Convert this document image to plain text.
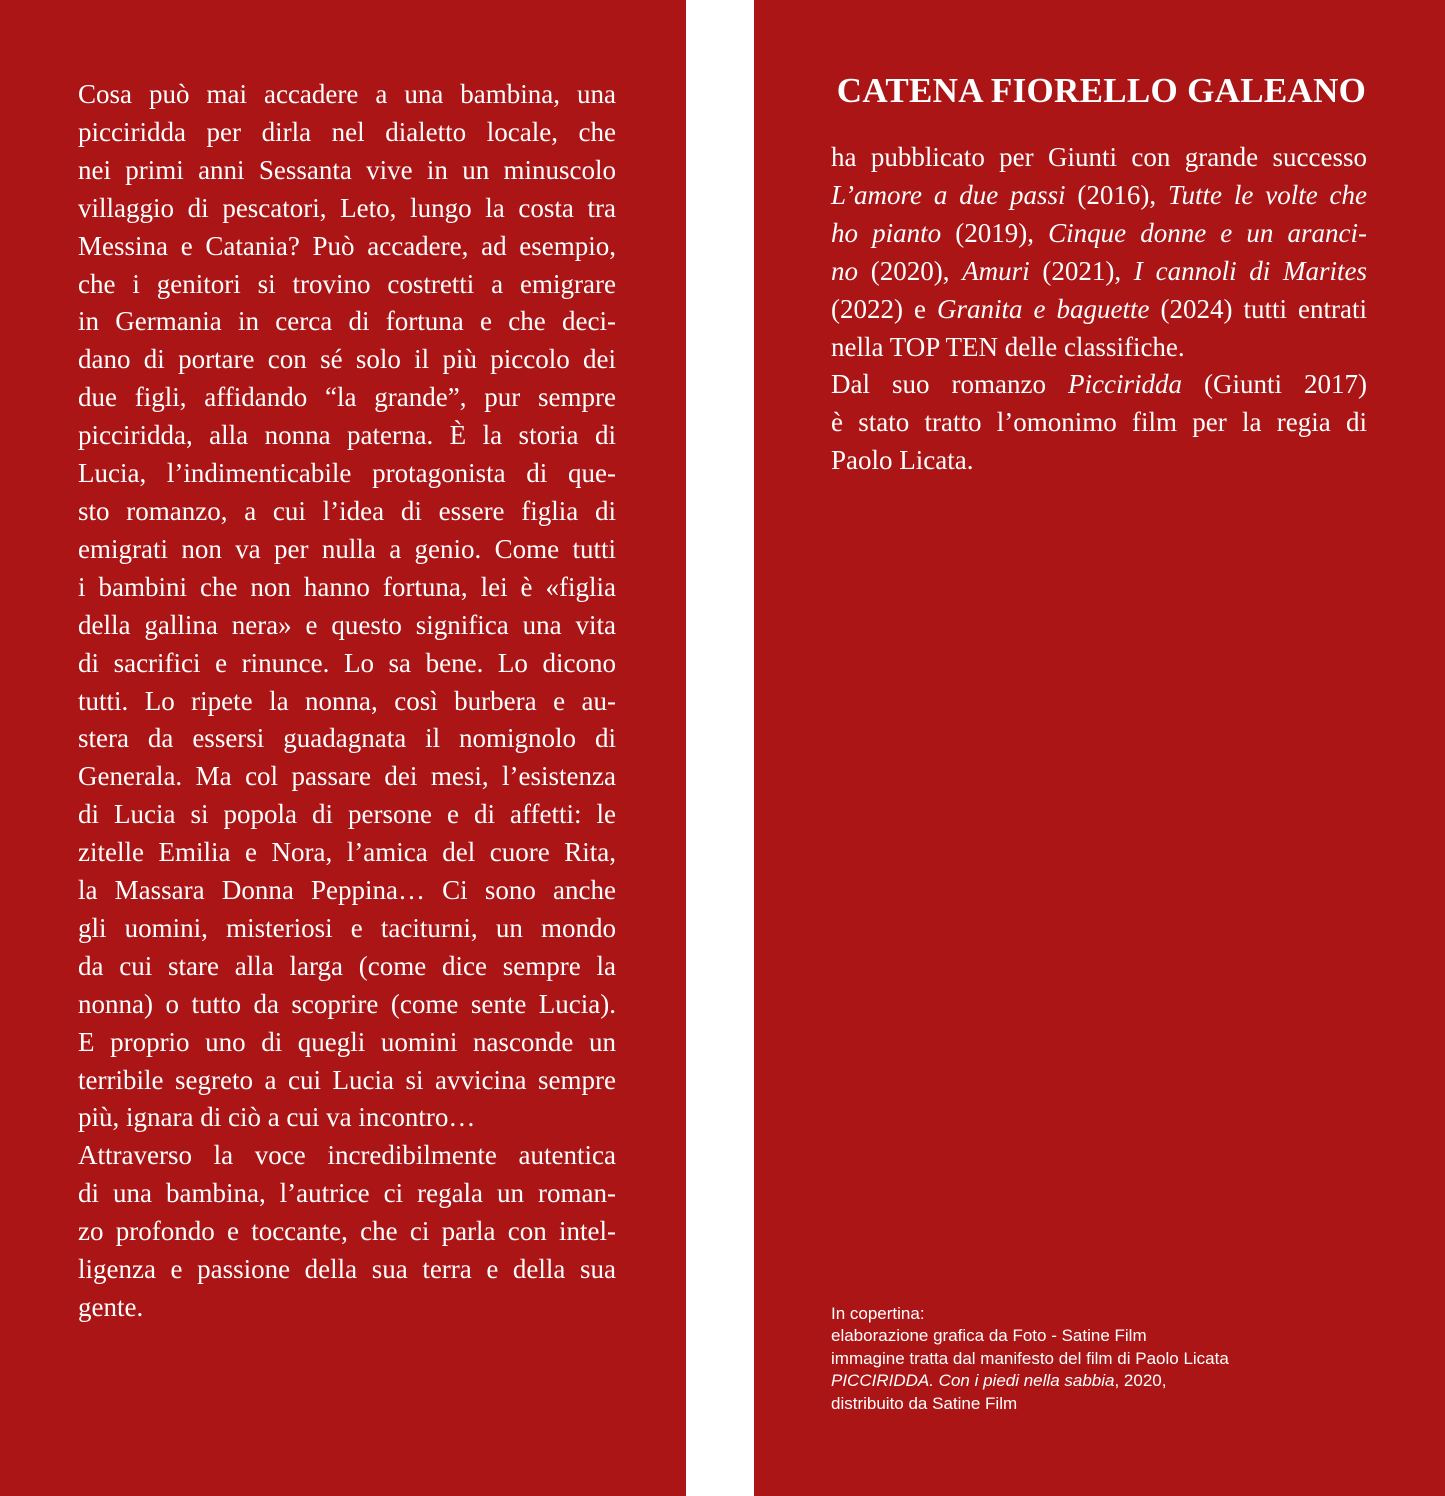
Cosa può mai accadere a una bambina, una
picciridda per dirla nel dialetto locale, che
nei primi anni Sessanta vive in un minuscolo
villaggio di pescatori, Leto, lungo la costa tra
Messina e Catania? Può accadere, ad esempio,
che i genitori si trovino costretti a emigrare
in Germania in cerca di fortuna e che deci-
dano di portare con sé solo il più piccolo dei
due figli, affidando “la grande”, pur sempre
picciridda, alla nonna paterna. È la storia di
Lucia, l’indimenticabile protagonista di que-
sto romanzo, a cui l’idea di essere figlia di
emigrati non va per nulla a genio. Come tutti
i bambini che non hanno fortuna, lei è «figlia
della gallina nera» e questo significa una vita
di sacrifici e rinunce. Lo sa bene. Lo dicono
tutti. Lo ripete la nonna, così burbera e au-
stera da essersi guadagnata il nomignolo di
Generala. Ma col passare dei mesi, l’esistenza
di Lucia si popola di persone e di affetti: le
zitelle Emilia e Nora, l’amica del cuore Rita,
la Massara Donna Peppina… Ci sono anche
gli uomini, misteriosi e taciturni, un mondo
da cui stare alla larga (come dice sempre la
nonna) o tutto da scoprire (come sente Lucia).
E proprio uno di quegli uomini nasconde un
terribile segreto a cui Lucia si avvicina sempre
più, ignara di ciò a cui va incontro…
Attraverso la voce incredibilmente autentica
di una bambina, l’autrice ci regala un roman-
zo profondo e toccante, che ci parla con intel-
ligenza e passione della sua terra e della sua
gente.
CATENA FIORELLO GALEANO
ha pubblicato per Giunti con grande successo
L’amore a due passi (2016), Tutte le volte che
ho pianto (2019), Cinque donne e un aranci-
no (2020), Amuri (2021), I cannoli di Marites
(2022) e Granita e baguette (2024) tutti entrati
nella TOP TEN delle classifiche.
Dal suo romanzo Picciridda (Giunti 2017)
è stato tratto l’omonimo film per la regia di
Paolo Licata.
In copertina:
elaborazione grafica da Foto - Satine Film
immagine tratta dal manifesto del film di Paolo Licata
PICCIRIDDA. Con i piedi nella sabbia, 2020,
distribuito da Satine Film
